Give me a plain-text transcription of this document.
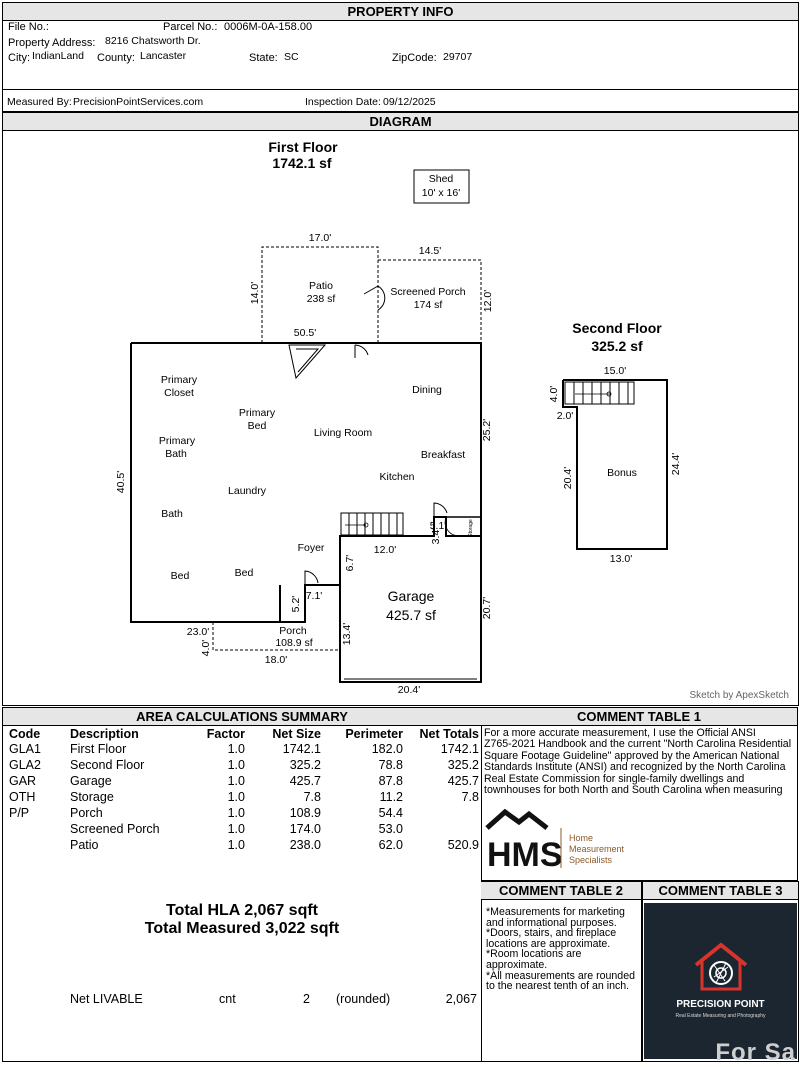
PROPERTY INFO
File No.:	Parcel No.: 0006M-0A-158.00
Property Address: 8216 Chatsworth Dr.
City: IndianLand County: Lancaster	State: SC	ZipCode: 29707
Measured By: PrecisionPointServices.com	Inspection Date: 09/12/2025
DIAGRAM
First Floor
1742.1 sf
Second Floor
325.2 sf
Shed
10' x 16'
17.0'
14.5'
14.0'	12.0'
Patio
238 sf
Screened Porch
174 sf
50.5'
40.5'
25.2'
Primary
Closet
Primary
Bed
Primary
Bath
Living Room
Dining
Breakfast
Kitchen
Laundry
Bath
Foyer
Bed	Bed
12.0'
Storage
5.1'
3.4'
Garage
425.7 sf
6.7'
20.7'
13.4'
20.4'
7.1'
5.2'
Porch
108.9 sf
23.0'
4.0'
18.0'
15.0'
4.0'
2.0'
20.4'
24.4'
13.0'
Bonus
Sketch by ApexSketch
AREA CALCULATIONS SUMMARY
Code	Description	Factor	Net Size	Perimeter	Net Totals
GLA1	First Floor	1.0	1742.1	182.0	1742.1
GLA2	Second Floor	1.0	325.2	78.8	325.2
GAR	Garage	1.0	425.7	87.8	425.7
OTH	Storage	1.0	7.8	11.2	7.8
P/P	Porch	1.0	108.9	54.4	
	Screened Porch	1.0	174.0	53.0	
	Patio	1.0	238.0	62.0	520.9
Total HLA 2,067 sqft
Total Measured 3,022 sqft
Net LIVABLE	cnt	2 (rounded)	2,067
COMMENT TABLE 1
For a more accurate measurement, I use the Official ANSI
Z765-2021 Handbook and the current "North Carolina Residential
Square Footage Guideline" approved by the American National
Standards Institute (ANSI) and recognized by the North Carolina
Real Estate Commission for single-family dwellings and
townhouses for both North and South Carolina when measuring
HMS Home
Measurement
Specialists
COMMENT TABLE 2
*Measurements for marketing
and informational purposes.
*Doors, stairs, and fireplace
locations are approximate.
*Room locations are
approximate.
*All measurements are rounded
to the nearest tenth of an inch.
COMMENT TABLE 3
PRECISION POINT
Real Estate Measuring and Photography
For Sa
